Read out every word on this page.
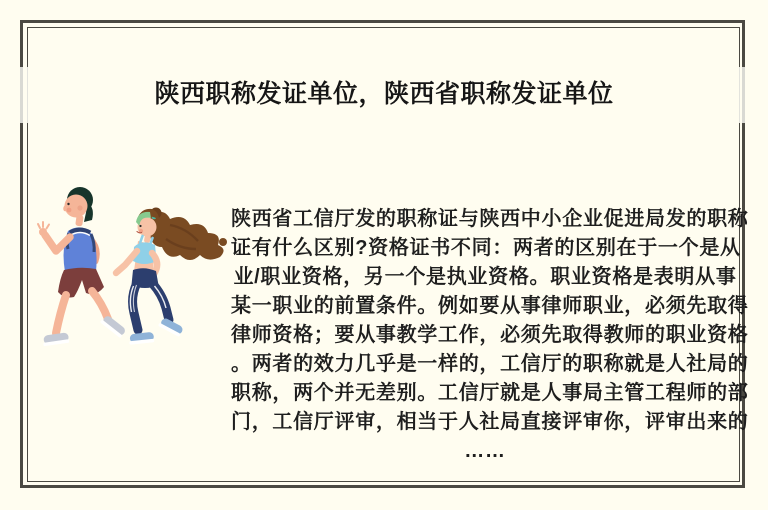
陕西职称发证单位，陕西省职称发证单位

陕西省工信厅发的职称证与陕西中小企业促进局发的职称

证有什么区别?资格证书不同：两者的区别在于一个是从

业/职业资格，另一个是执业资格。职业资格是表明从事

某一职业的前置条件。例如要从事律师职业，必须先取得

律师资格；要从事教学工作，必须先取得教师的职业资格

。两者的效力几乎是一样的，工信厅的职称就是人社局的

职称，两个并无差别。工信厅就是人事局主管工程师的部

门，工信厅评审，相当于人社局直接评审你，评审出来的

……
